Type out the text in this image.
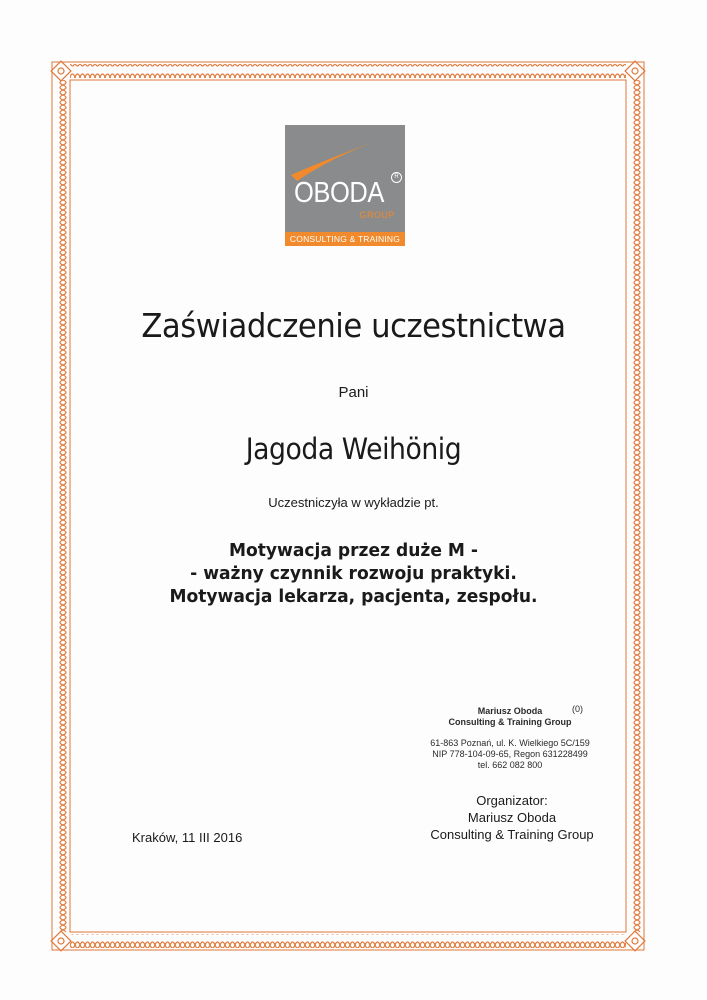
OBODA	R
GROUP
CONSULTING & TRAINING
Zaświadczenie uczestnictwa
Pani
Jagoda Weihönig
Uczestniczyła w wykładzie pt.
Motywacja przez duże M -
- ważny czynnik rozwoju praktyki.
Motywacja lekarza, pacjenta, zespołu.
(0)
Mariusz Oboda
Consulting & Training Group
61-863 Poznań, ul. K. Wielkiego 5C/159
NIP 778-104-09-65, Regon 631228499
tel. 662 082 800
Organizator:
Mariusz Oboda
Consulting & Training Group
Kraków, 11 III 2016
